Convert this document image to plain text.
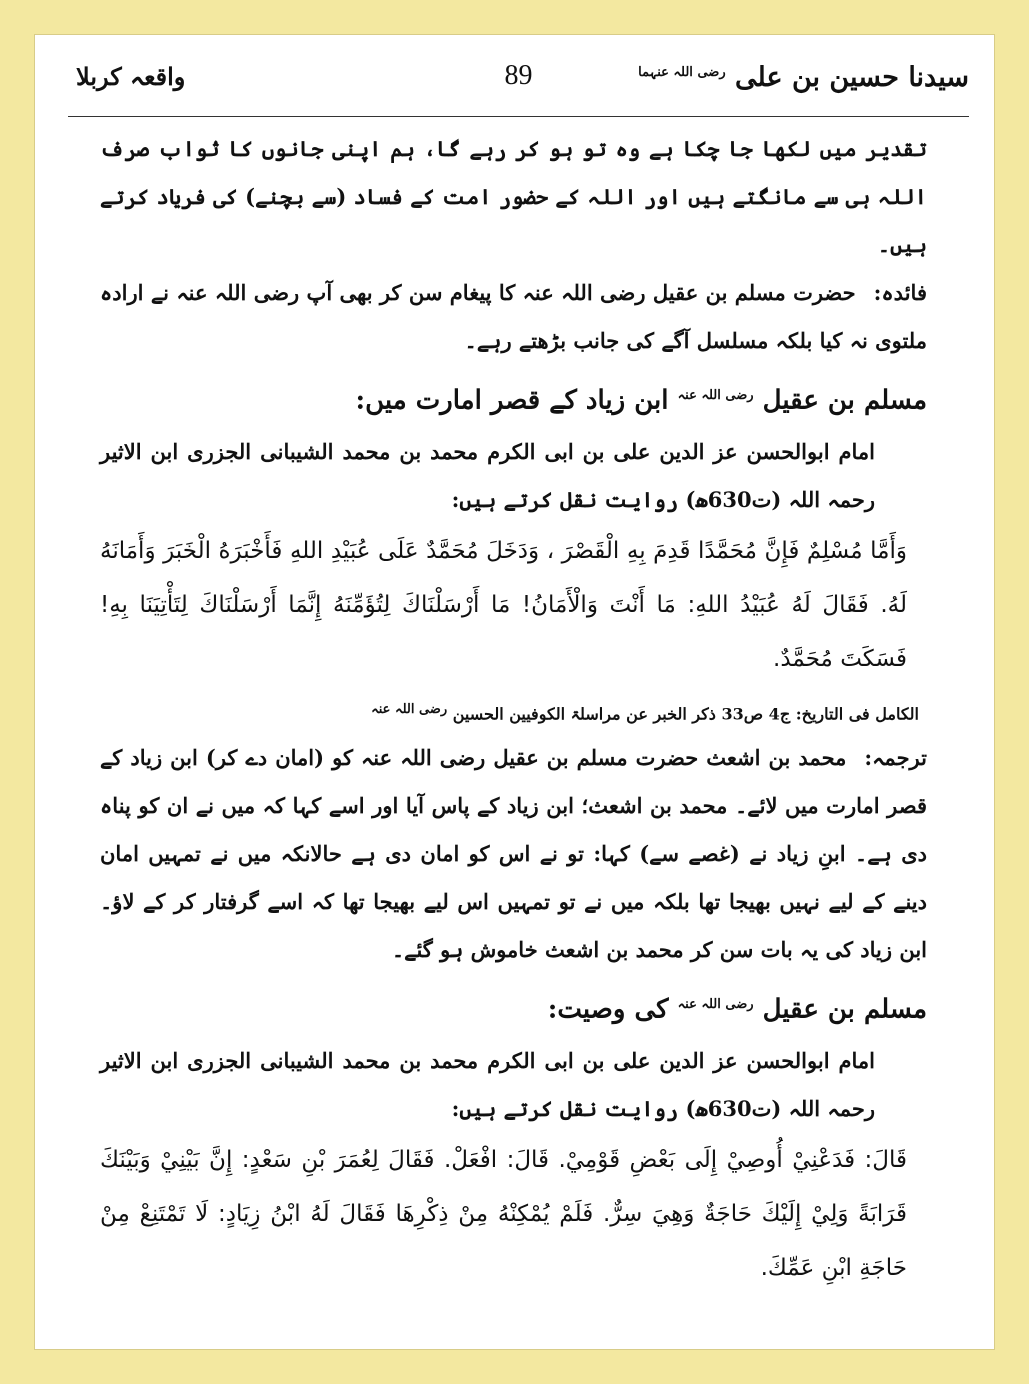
سیدنا حسین بن علی $^{رضی اللہ عنہما}$
89
واقعہ کربلا

تقدیر میں لکھا جا چکا ہے وہ تو ہو کر رہے گا، ہم اپنی جانوں کا ثواب صرف اللہ ہی سے مانگتے ہیں اور اللہ کے حضور امت کے فساد (سے بچنے) کی فریاد کرتے ہیں۔

فائدہ:حضرت مسلم بن عقیل رضی اللہ عنہ کا پیغام سن کر بھی آپ رضی اللہ عنہ نے ارادہ ملتوی نہ کیا بلکہ مسلسل آگے کی جانب بڑھتے رہے۔

مسلم بن عقیل $^{رضی اللہ عنہ}$ ابن زیاد کے قصر امارت میں:

امام ابوالحسن عز الدین علی بن ابی الکرم محمد بن محمد الشیبانی الجزری ابن الاثیر رحمہ اللہ (ت630ھ) روایت نقل کرتے ہیں:

وَأَمَّا مُسْلِمٌ فَإِنَّ مُحَمَّدًا قَدِمَ بِهِ الْقَصْرَ ، وَدَخَلَ مُحَمَّدٌ عَلَى عُبَيْدِ اللهِ فَأَخْبَرَهُ الْخَبَرَ وَأَمَانَهُ لَهُ. فَقَالَ لَهُ عُبَيْدُ اللهِ: مَا أَنْتَ وَالْأَمَانُ! مَا أَرْسَلْنَاكَ لِتُؤَمِّنَهُ إِنَّمَا أَرْسَلْنَاكَ لِتَأْتِيَنَا بِهِ! فَسَكَتَ مُحَمَّدٌ.

الکامل فی التاریخ: ج4 ص33 ذکر الخبر عن مراسلۃ الکوفیین الحسین $^{رضی اللہ عنہ}$

ترجمہ:محمد بن اشعث حضرت مسلم بن عقیل رضی اللہ عنہ کو (امان دے کر) ابن زیاد کے قصر امارت میں لائے۔ محمد بن اشعث؛ ابن زیاد کے پاس آیا اور اسے کہا کہ میں نے ان کو پناہ دی ہے۔ ابنِ زیاد نے (غصے سے) کہا: تو نے اس کو امان دی ہے حالانکہ میں نے تمہیں امان دینے کے لیے نہیں بھیجا تھا بلکہ میں نے تو تمہیں اس لیے بھیجا تھا کہ اسے گرفتار کر کے لاؤ۔ ابن زیاد کی یہ بات سن کر محمد بن اشعث خاموش ہو گئے۔

مسلم بن عقیل $^{رضی اللہ عنہ}$ کی وصیت:

امام ابوالحسن عز الدین علی بن ابی الکرم محمد بن محمد الشیبانی الجزری ابن الاثیر رحمہ اللہ (ت630ھ) روایت نقل کرتے ہیں:

قَالَ: فَدَعْنِيْ أُوصِيْ إِلَى بَعْضِ قَوْمِيْ. قَالَ: افْعَلْ. فَقَالَ لِعُمَرَ بْنِ سَعْدٍ: إِنَّ بَيْنِيْ وَبَيْنَكَ قَرَابَةً وَلِيْ إِلَيْكَ حَاجَةٌ وَهِيَ سِرٌّ. فَلَمْ يُمْكِنْهُ مِنْ ذِكْرِهَا فَقَالَ لَهُ ابْنُ زِيَادٍ: لَا تَمْتَنِعْ مِنْ حَاجَةِ ابْنِ عَمِّكَ.
